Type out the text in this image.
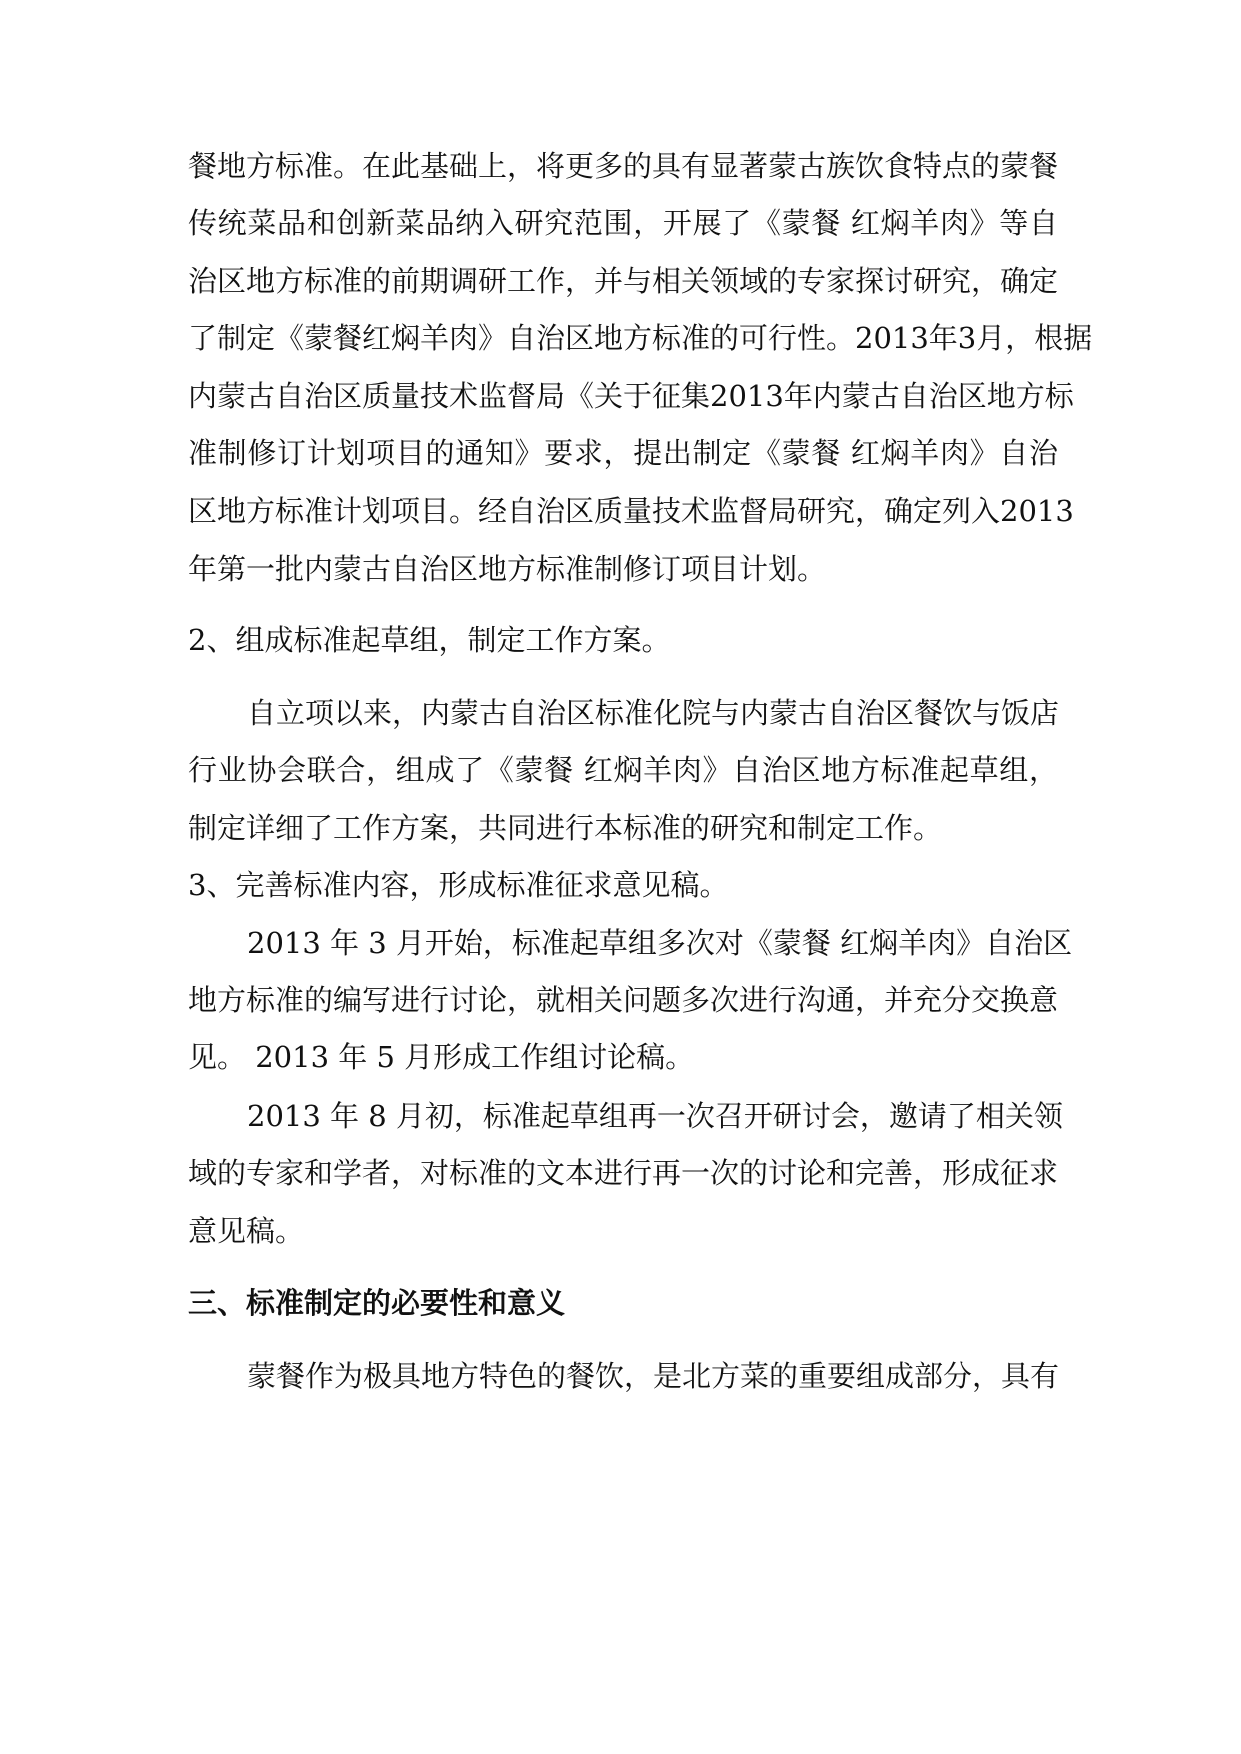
餐地方标准。在此基础上，将更多的具有显著蒙古族饮食特点的蒙餐
传统菜品和创新菜品纳入研究范围，开展了《蒙餐 红焖羊肉》等自
治区地方标准的前期调研工作，并与相关领域的专家探讨研究，确定
了制定《蒙餐红焖羊肉》自治区地方标准的可行性。2013年3月，根据
内蒙古自治区质量技术监督局《关于征集2013年内蒙古自治区地方标
准制修订计划项目的通知》要求，提出制定《蒙餐 红焖羊肉》自治
区地方标准计划项目。经自治区质量技术监督局研究，确定列入2013
年第一批内蒙古自治区地方标准制修订项目计划。
2、组成标准起草组，制定工作方案。
自立项以来，内蒙古自治区标准化院与内蒙古自治区餐饮与饭店
行业协会联合，组成了《蒙餐 红焖羊肉》自治区地方标准起草组，
制定详细了工作方案，共同进行本标准的研究和制定工作。
3、完善标准内容，形成标准征求意见稿。
2013 年 3 月开始，标准起草组多次对《蒙餐 红焖羊肉》自治区
地方标准的编写进行讨论，就相关问题多次进行沟通，并充分交换意
见。 2013 年 5 月形成工作组讨论稿。
2013 年 8 月初，标准起草组再一次召开研讨会，邀请了相关领
域的专家和学者，对标准的文本进行再一次的讨论和完善，形成征求
意见稿。
三、标准制定的必要性和意义
蒙餐作为极具地方特色的餐饮，是北方菜的重要组成部分，具有
